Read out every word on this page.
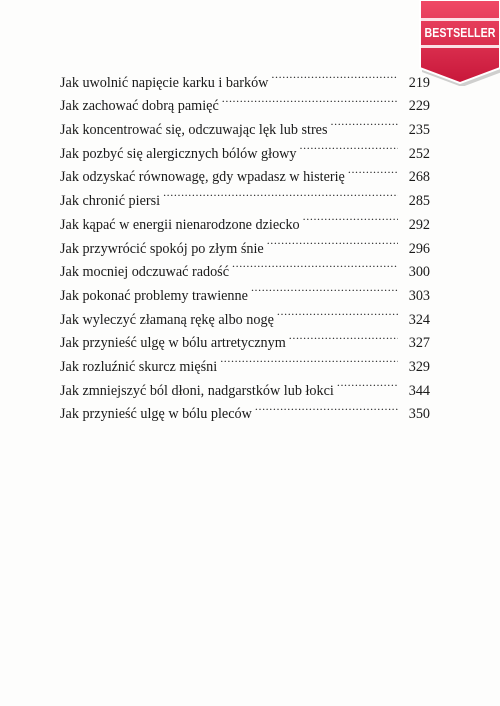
Jak uwolnić napięcie karku i barków .....	219
Jak zachować dobrą pamięć .....	229
Jak koncentrować się, odczuwając lęk lub stres .....	235
Jak pozbyć się alergicznych bólów głowy .....	252
Jak odzyskać równowagę, gdy wpadasz w histerię .....	268
Jak chronić piersi .....	285
Jak kąpać w energii nienarodzone dziecko .....	292
Jak przywrócić spokój po złym śnie .....	296
Jak mocniej odczuwać radość .....	300
Jak pokonać problemy trawienne .....	303
Jak wyleczyć złamaną rękę albo nogę .....	324
Jak przynieść ulgę w bólu artretycznym .....	327
Jak rozluźnić skurcz mięśni .....	329
Jak zmniejszyć ból dłoni, nadgarstków lub łokci .....	344
Jak przynieść ulgę w bólu pleców .....	350
BESTSELLER
